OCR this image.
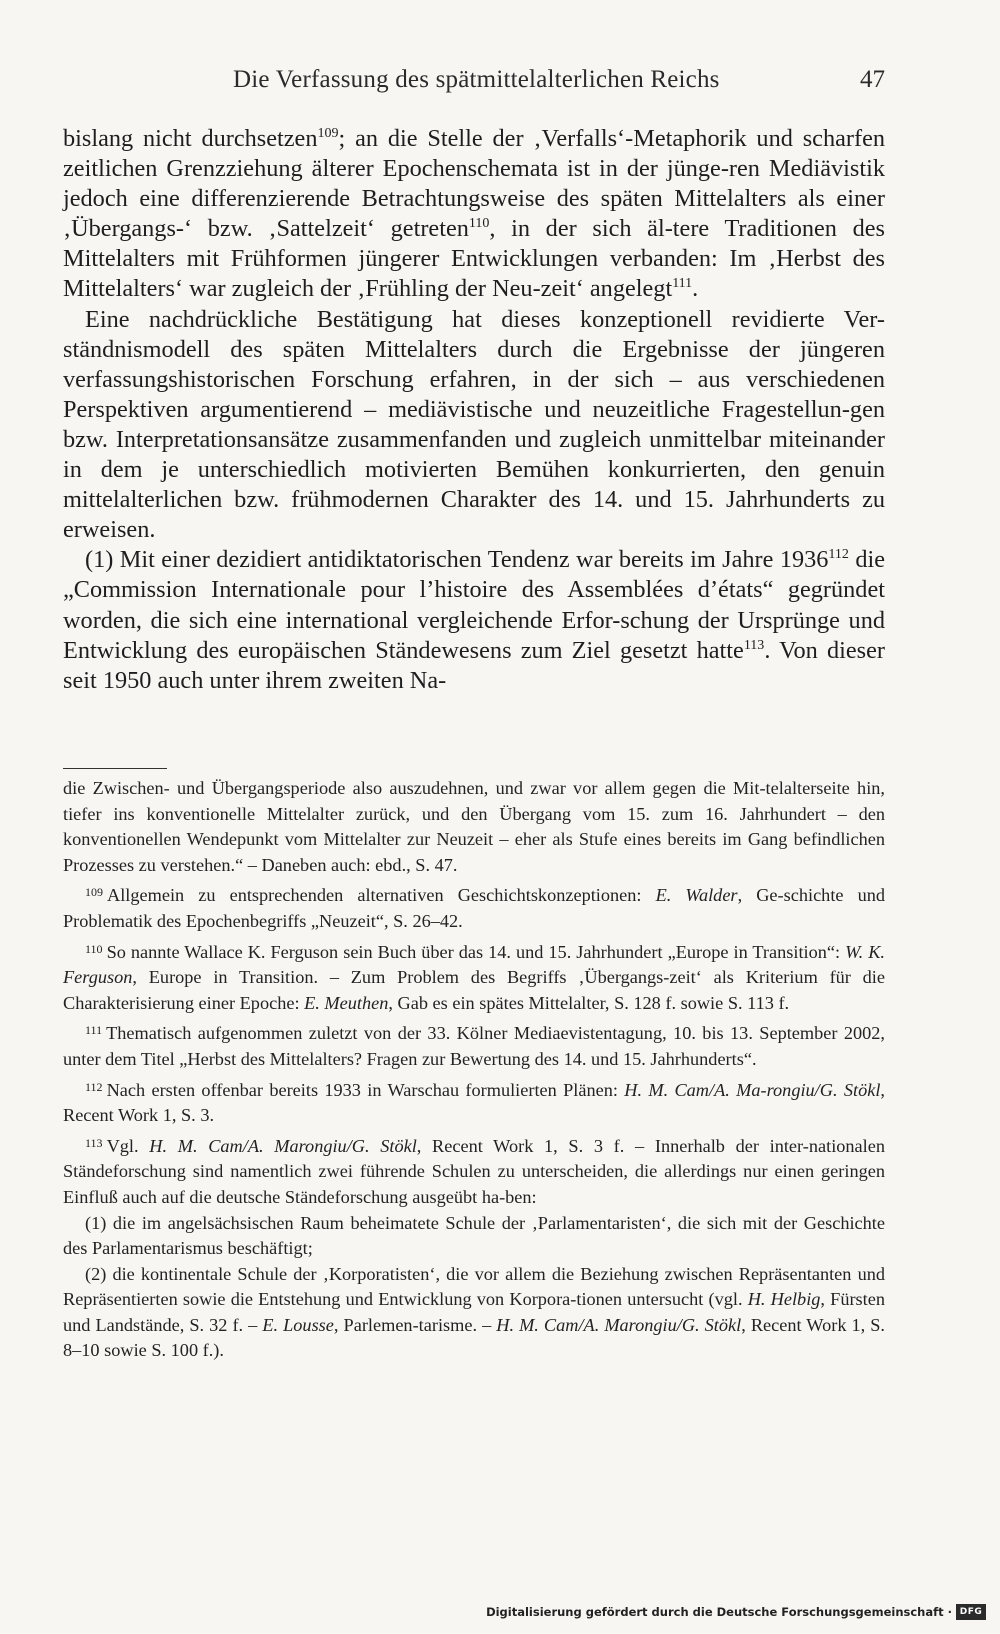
Die Verfassung des spätmittelalterlichen Reichs	47

bislang nicht durchsetzen$^{109}$; an die Stelle der ‚Verfalls‘-Metaphorik und scharfen zeitlichen Grenzziehung älterer Epochenschemata ist in der jünge-ren Mediävistik jedoch eine differenzierende Betrachtungsweise des späten Mittelalters als einer ‚Übergangs-‘ bzw. ‚Sattelzeit‘ getreten$^{110}$, in der sich äl-tere Traditionen des Mittelalters mit Frühformen jüngerer Entwicklungen verbanden: Im ‚Herbst des Mittelalters‘ war zugleich der ‚Frühling der Neu-zeit‘ angelegt$^{111}$.

Eine nachdrückliche Bestätigung hat dieses konzeptionell revidierte Ver-ständnismodell des späten Mittelalters durch die Ergebnisse der jüngeren verfassungshistorischen Forschung erfahren, in der sich – aus verschiedenen Perspektiven argumentierend – mediävistische und neuzeitliche Fragestellun-gen bzw. Interpretationsansätze zusammenfanden und zugleich unmittelbar miteinander in dem je unterschiedlich motivierten Bemühen konkurrierten, den genuin mittelalterlichen bzw. frühmodernen Charakter des 14. und 15. Jahrhunderts zu erweisen.

(1) Mit einer dezidiert antidiktatorischen Tendenz war bereits im Jahre 1936$^{112}$ die „Commission Internationale pour l’histoire des Assemblées d’états“ gegründet worden, die sich eine international vergleichende Erfor-schung der Ursprünge und Entwicklung des europäischen Ständewesens zum Ziel gesetzt hatte$^{113}$. Von dieser seit 1950 auch unter ihrem zweiten Na-

die Zwischen- und Übergangsperiode also auszudehnen, und zwar vor allem gegen die Mit-telalterseite hin, tiefer ins konventionelle Mittelalter zurück, und den Übergang vom 15. zum 16. Jahrhundert – den konventionellen Wendepunkt vom Mittelalter zur Neuzeit – eher als Stufe eines bereits im Gang befindlichen Prozesses zu verstehen.“ – Daneben auch: ebd., S. 47.

$^{109}$ Allgemein zu entsprechenden alternativen Geschichtskonzeptionen: E. Walder, Ge-schichte und Problematik des Epochenbegriffs „Neuzeit“, S. 26–42.

$^{110}$ So nannte Wallace K. Ferguson sein Buch über das 14. und 15. Jahrhundert „Europe in Transition“: W. K. Ferguson, Europe in Transition. – Zum Problem des Begriffs ‚Übergangs-zeit‘ als Kriterium für die Charakterisierung einer Epoche: E. Meuthen, Gab es ein spätes Mittelalter, S. 128 f. sowie S. 113 f.

$^{111}$ Thematisch aufgenommen zuletzt von der 33. Kölner Mediaevistentagung, 10. bis 13. September 2002, unter dem Titel „Herbst des Mittelalters? Fragen zur Bewertung des 14. und 15. Jahrhunderts“.

$^{112}$ Nach ersten offenbar bereits 1933 in Warschau formulierten Plänen: H. M. Cam/A. Ma-rongiu/G. Stökl, Recent Work 1, S. 3.

$^{113}$ Vgl. H. M. Cam/A. Marongiu/G. Stökl, Recent Work 1, S. 3 f. – Innerhalb der inter-nationalen Ständeforschung sind namentlich zwei führende Schulen zu unterscheiden, die allerdings nur einen geringen Einfluß auch auf die deutsche Ständeforschung ausgeübt ha-ben:

(1) die im angelsächsischen Raum beheimatete Schule der ‚Parlamentaristen‘, die sich mit der Geschichte des Parlamentarismus beschäftigt;

(2) die kontinentale Schule der ‚Korporatisten‘, die vor allem die Beziehung zwischen Repräsentanten und Repräsentierten sowie die Entstehung und Entwicklung von Korpora-tionen untersucht (vgl. H. Helbig, Fürsten und Landstände, S. 32 f. – E. Lousse, Parlemen-tarisme. – H. M. Cam/A. Marongiu/G. Stökl, Recent Work 1, S. 8–10 sowie S. 100 f.).

Digitalisierung gefördert durch die Deutsche Forschungsgemeinschaft · DFG
